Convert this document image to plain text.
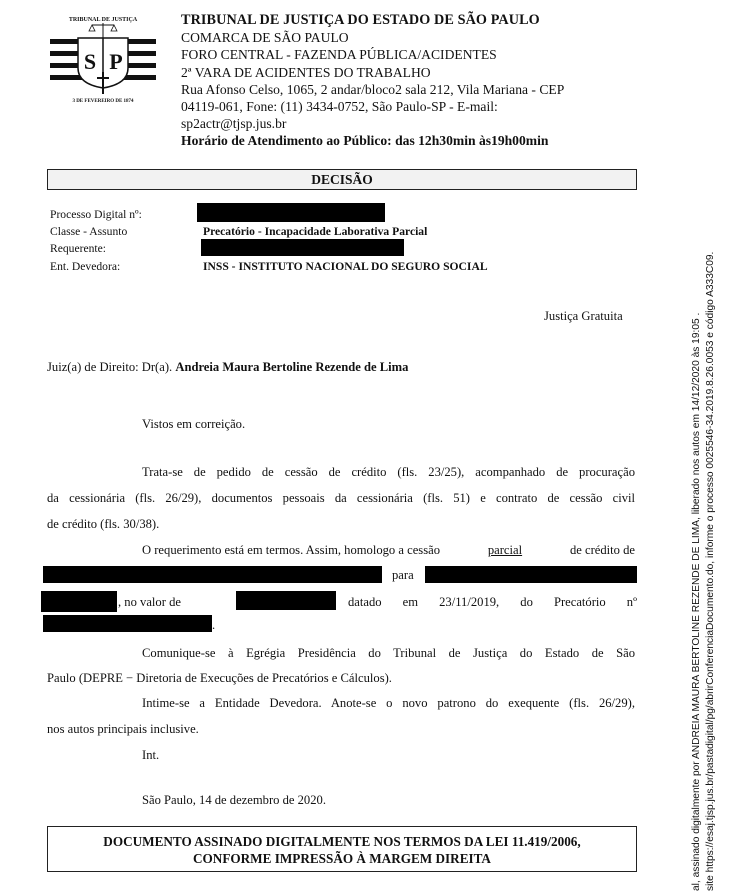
TRIBUNAL DE JUSTIÇA
S P
3 DE FEVEREIRO DE 1874
TRIBUNAL DE JUSTIÇA DO ESTADO DE SÃO PAULO
COMARCA DE SÃO PAULO
FORO CENTRAL - FAZENDA PÚBLICA/ACIDENTES
2ª VARA DE ACIDENTES DO TRABALHO
Rua Afonso Celso, 1065, 2 andar/bloco2 sala 212, Vila Mariana - CEP
04119-061, Fone: (11) 3434-0752, São Paulo-SP - E-mail:
sp2actr@tjsp.jus.br
Horário de Atendimento ao Público: das 12h30min às19h00min
DECISÃO
Processo Digital nº:
Classe - Assunto	Precatório - Incapacidade Laborativa Parcial
Requerente:
Ent. Devedora:	INSS - INSTITUTO NACIONAL DO SEGURO SOCIAL
Justiça Gratuita
Juiz(a) de Direito: Dr(a). Andreia Maura Bertoline Rezende de Lima
Vistos em correição.
Trata-se de pedido de cessão de crédito (fls. 23/25), acompanhado de procuração
da cessionária (fls. 26/29), documentos pessoais da cessionária (fls. 51) e contrato de cessão civil
de crédito (fls. 30/38).
O requerimento está em termos. Assim, homologo a cessão	parcial	de crédito de
para
, no valor de	datado em 23/11/2019, do Precatório nº
.
Comunique-se à Egrégia Presidência do Tribunal de Justiça do Estado de São
Paulo (DEPRE − Diretoria de Execuções de Precatórios e Cálculos).
Intime-se a Entidade Devedora. Anote-se o novo patrono do exequente (fls. 26/29),
nos autos principais inclusive.
Int.
São Paulo, 14 de dezembro de 2020.
DOCUMENTO ASSINADO DIGITALMENTE NOS TERMOS DA LEI 11.419/2006,
CONFORME IMPRESSÃO À MARGEM DIREITA	al, assinado digitalmente por ANDREIA MAURA BERTOLINE REZENDE DE LIMA, liberado nos autos em 14/12/2020 às 19:05 . site https://esaj.tjsp.jus.br/pastadigital/pg/abrirConferenciaDocumento.do, informe o processo 0025546-34.2019.8.26.0053 e código A333C09.
